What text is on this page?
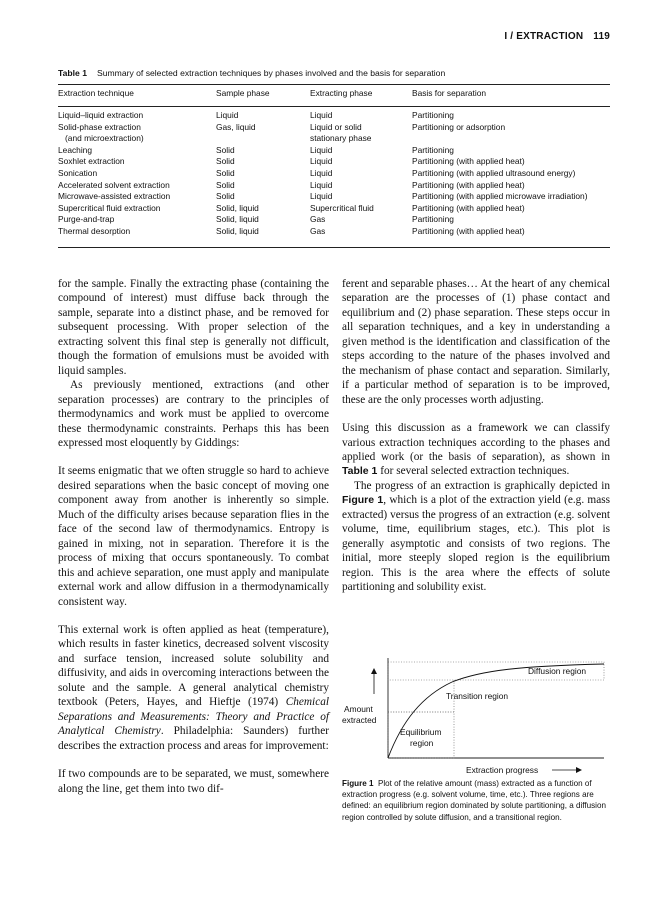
I / EXTRACTION 119
Table 1 Summary of selected extraction techniques by phases involved and the basis for separation
Extraction technique	Sample phase	Extracting phase	Basis for separation

Liquid–liquid extraction	Liquid	Liquid	Partitioning
Solid-phase extraction	Gas, liquid	Liquid or solid	Partitioning or adsorption
(and microextraction)		stationary phase	
Leaching	Solid	Liquid	Partitioning
Soxhlet extraction	Solid	Liquid	Partitioning (with applied heat)
Sonication	Solid	Liquid	Partitioning (with applied ultrasound energy)
Accelerated solvent extraction	Solid	Liquid	Partitioning (with applied heat)
Microwave-assisted extraction	Solid	Liquid	Partitioning (with applied microwave irradiation)
Supercritical fluid extraction	Solid, liquid	Supercritical fluid	Partitioning (with applied heat)
Purge-and-trap	Solid, liquid	Gas	Partitioning
Thermal desorption	Solid, liquid	Gas	Partitioning (with applied heat)

for the sample. Finally the extracting phase (containing the compound of interest) must diffuse back through the sample, separate into a distinct phase, and be removed for subsequent processing. With proper selection of the extracting solvent this final step is generally not difficult, though the formation of emulsions must be avoided with liquid samples.

As previously mentioned, extractions (and other separation processes) are contrary to the principles of thermodynamics and work must be applied to overcome these thermodynamic constraints. Perhaps this has been expressed most eloquently by Giddings:

It seems enigmatic that we often struggle so hard to achieve desired separations when the basic concept of moving one component away from another is inherently so simple. Much of the difficulty arises because separation flies in the face of the second law of thermodynamics. Entropy is gained in mixing, not in separation. Therefore it is the process of mixing that occurs spontaneously. To combat this and achieve separation, one must apply and manipulate external work and allow diffusion in a thermodynamically consistent way.

This external work is often applied as heat (temperature), which results in faster kinetics, decreased solvent viscosity and surface tension, increased solute solubility and diffusivity, and aids in overcoming interactions between the solute and the sample. A general analytical chemistry textbook (Peters, Hayes, and Hieftje (1974) Chemical Separations and Measurements: Theory and Practice of Analytical Chemistry. Philadelphia: Saunders) further describes the extraction process and areas for improvement:

If two compounds are to be separated, we must, somewhere along the line, get them into two dif-

ferent and separable phases… At the heart of any chemical separation are the processes of (1) phase contact and equilibrium and (2) phase separation. These steps occur in all separation techniques, and a key in understanding a given method is the identification and classification of the steps according to the nature of the phases involved and the mechanism of phase contact and separation. Similarly, if a particular method of separation is to be improved, these are the only processes worth adjusting.

Using this discussion as a framework we can classify various extraction techniques according to the phases and applied work (or the basis of separation), as shown in Table 1 for several selected extraction techniques.

The progress of an extraction is graphically depicted in Figure 1, which is a plot of the extraction yield (e.g. mass extracted) versus the progress of an extraction (e.g. solvent volume, time, equilibrium stages, etc.). This plot is generally asymptotic and consists of two regions. The initial, more steeply sloped region is the equilibrium region. This is the area where the effects of solute partitioning and solubility exist.

Amount
extracted
Extraction progress
Diffusion region
Transition region
Equilibrium
region
Figure 1 Plot of the relative amount (mass) extracted as a function of extraction progress (e.g. solvent volume, time, etc.). Three regions are defined: an equilibrium region dominated by solute partitioning, a diffusion region controlled by solute diffusion, and a transitional region.
